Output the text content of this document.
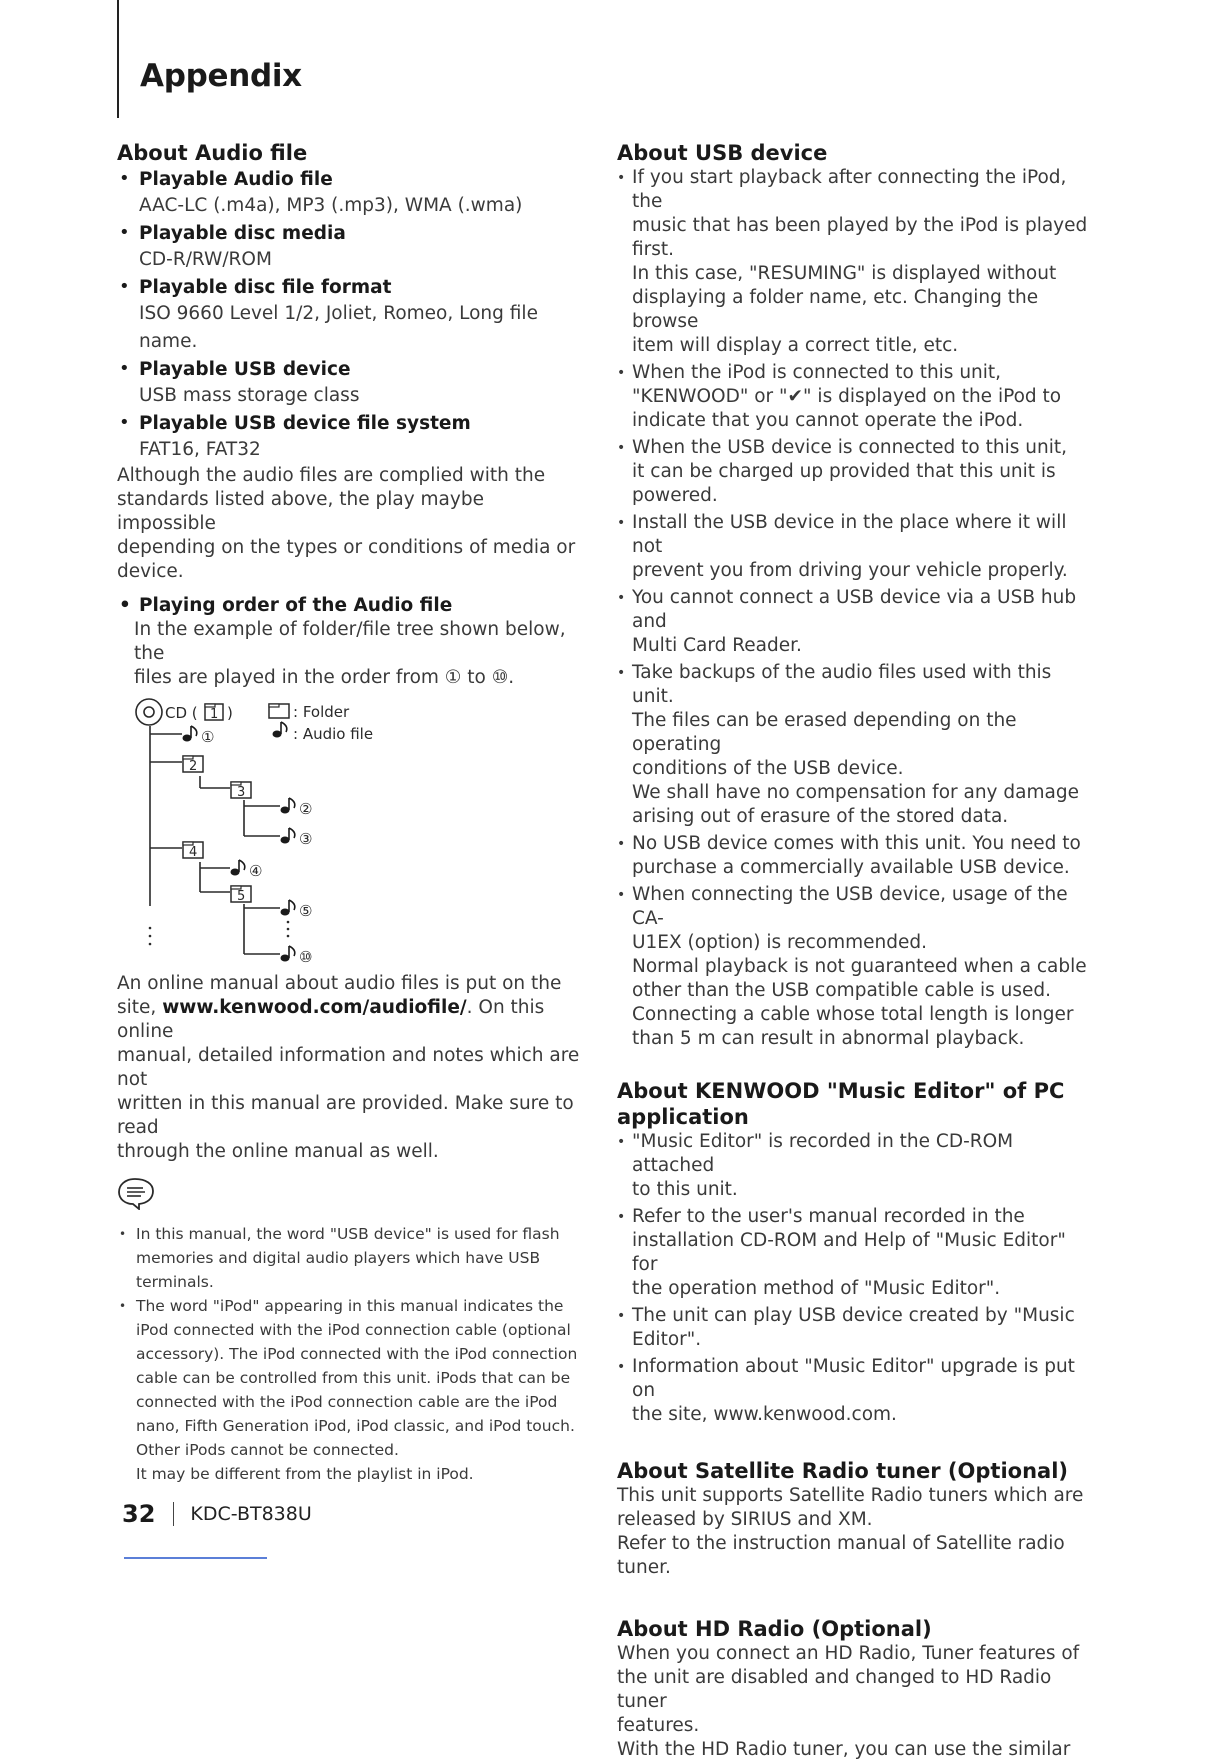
Appendix
About Audio file
• Playable Audio file
AAC-LC (.m4a), MP3 (.mp3), WMA (.wma)
• Playable disc media
CD-R/RW/ROM
• Playable disc file format
ISO 9660 Level 1/2, Joliet, Romeo, Long file name.
• Playable USB device
USB mass storage class
• Playable USB device file system
FAT16, FAT32
Although the audio files are complied with the
standards listed above, the play maybe impossible
depending on the types or conditions of media or
device.
• Playing order of the Audio file
In the example of folder/file tree shown below, the
files are played in the order from ① to ⑩.
CD ( 1 )	: Folder
: Audio file
①
2
3
②
③
4
④
5
⑤
⑩
An online manual about audio files is put on the
site, www.kenwood.com/audiofile/. On this online
manual, detailed information and notes which are not
written in this manual are provided. Make sure to read
through the online manual as well.
• In this manual, the word "USB device" is used for flash
memories and digital audio players which have USB
terminals.
• The word "iPod" appearing in this manual indicates the
iPod connected with the iPod connection cable (optional
accessory). The iPod connected with the iPod connection
cable can be controlled from this unit. iPods that can be
connected with the iPod connection cable are the iPod
nano, Fifth Generation iPod, iPod classic, and iPod touch.
Other iPods cannot be connected.
It may be different from the playlist in iPod.
About USB device
• If you start playback after connecting the iPod, the
music that has been played by the iPod is played
first.
In this case, "RESUMING" is displayed without
displaying a folder name, etc. Changing the browse
item will display a correct title, etc.
• When the iPod is connected to this unit,
"KENWOOD" or "✔" is displayed on the iPod to
indicate that you cannot operate the iPod.
• When the USB device is connected to this unit,
it can be charged up provided that this unit is
powered.
• Install the USB device in the place where it will not
prevent you from driving your vehicle properly.
• You cannot connect a USB device via a USB hub and
Multi Card Reader.
• Take backups of the audio files used with this unit.
The files can be erased depending on the operating
conditions of the USB device.
We shall have no compensation for any damage
arising out of erasure of the stored data.
• No USB device comes with this unit. You need to
purchase a commercially available USB device.
• When connecting the USB device, usage of the CA-
U1EX (option) is recommended.
Normal playback is not guaranteed when a cable
other than the USB compatible cable is used.
Connecting a cable whose total length is longer
than 5 m can result in abnormal playback.
About KENWOOD "Music Editor" of PC
application
• "Music Editor" is recorded in the CD-ROM attached
to this unit.
• Refer to the user's manual recorded in the
installation CD-ROM and Help of "Music Editor" for
the operation method of "Music Editor".
• The unit can play USB device created by "Music
Editor".
• Information about "Music Editor" upgrade is put on
the site, www.kenwood.com.
About Satellite Radio tuner (Optional)
This unit supports Satellite Radio tuners which are
released by SIRIUS and XM.
Refer to the instruction manual of Satellite radio tuner.
About HD Radio (Optional)
When you connect an HD Radio, Tuner features of
the unit are disabled and changed to HD Radio tuner
features.
With the HD Radio tuner, you can use the similar
32 KDC-BT838U
